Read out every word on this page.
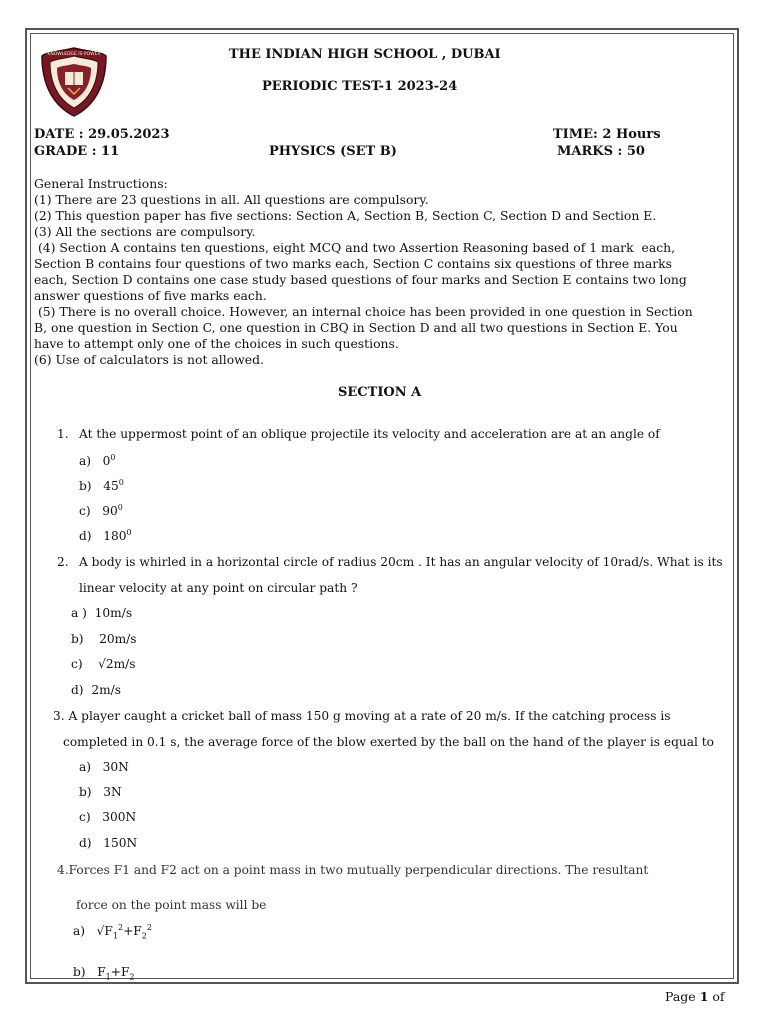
KNOWLEDGE IS POWER	THE INDIAN HIGH SCHOOL , DUBAI
PERIODIC TEST-1 2023-24
DATE : 29.05.2023	TIME: 2 Hours
GRADE : 11	PHYSICS (SET B)	MARKS : 50
General Instructions:
(1) There are 23 questions in all. All questions are compulsory.
(2) This question paper has five sections: Section A, Section B, Section C, Section D and Section E.
(3) All the sections are compulsory.
(4) Section A contains ten questions, eight MCQ and two Assertion Reasoning based of 1 mark  each,
Section B contains four questions of two marks each, Section C contains six questions of three marks
each, Section D contains one case study based questions of four marks and Section E contains two long
answer questions of five marks each.
(5) There is no overall choice. However, an internal choice has been provided in one question in Section
B, one question in Section C, one question in CBQ in Section D and all two questions in Section E. You
have to attempt only one of the choices in such questions.
(6) Use of calculators is not allowed.
SECTION A
1. At the uppermost point of an oblique projectile its velocity and acceleration are at an angle of
a) $0^0$
b) $45^0$
c) $90^0$
d) $180^0$
2. A body is whirled in a horizontal circle of radius 20cm . It has an angular velocity of 10rad/s. What is its
linear velocity at any point on circular path ?
a ) 10m/s
b) 20m/s
c) √2m/s
d) 2m/s
3. A player caught a cricket ball of mass 150 g moving at a rate of 20 m/s. If the catching process is
completed in 0.1 s, the average force of the blow exerted by the ball on the hand of the player is equal to
a) 30N
b) 3N
c) 300N
d) 150N
4.Forces F1 and F2 act on a point mass in two mutually perpendicular directions. The resultant
force on the point mass will be
a) $√F_1^2+F_2^2$
b) $F_1+F_2$
Page 1 of
